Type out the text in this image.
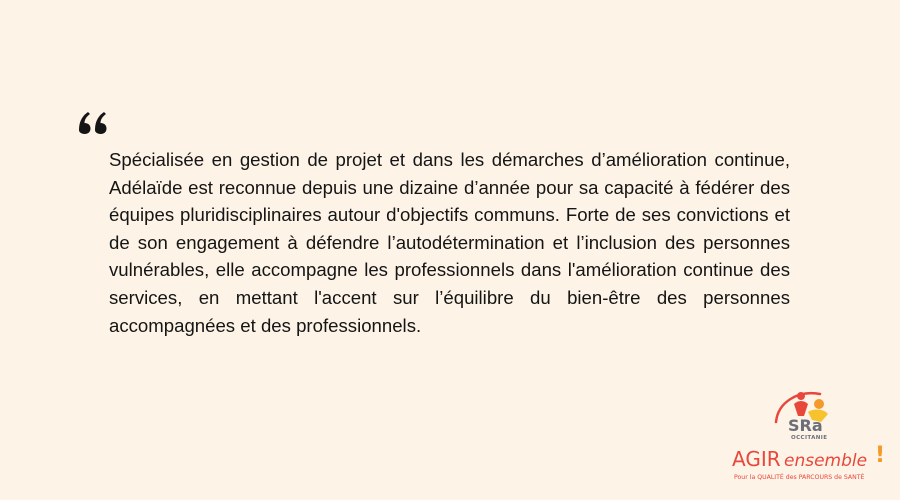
Spécialisée en gestion de projet et dans les démarches d’amélioration continue, Adélaïde est reconnue depuis une dizaine d’année pour sa capacité à fédérer des équipes pluridisciplinaires autour d'objectifs communs. Forte de ses convictions et de son engagement à défendre l’autodétermination et l’inclusion des personnes vulnérables, elle accompagne les professionnels dans l'amélioration continue des services, en mettant l'accent sur l’équilibre du bien-être des personnes accompagnées et des professionnels.

SRa
OCCITANIE
AGIR ensemble !
Pour la QUALITÉ des PARCOURS de SANTÉ
